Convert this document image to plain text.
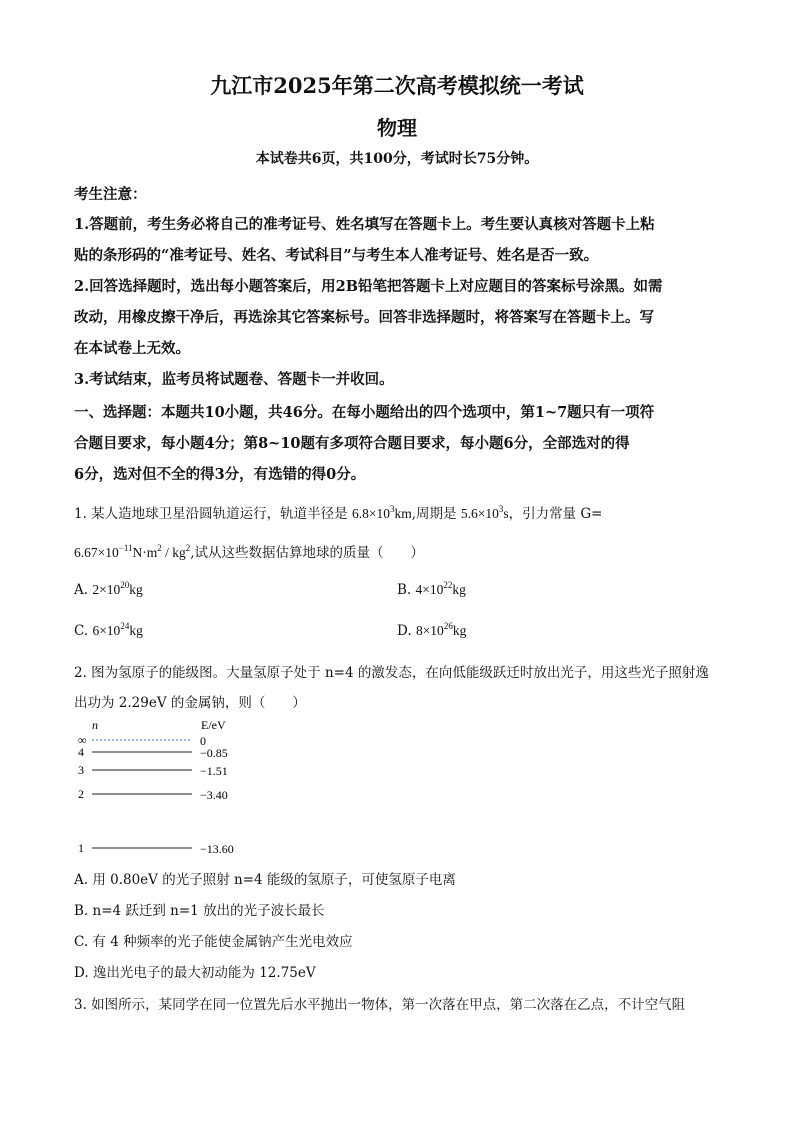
九江市2025年第二次高考模拟统一考试
物理
本试卷共6页，共100分，考试时长75分钟。
考生注意：
1.答题前，考生务必将自己的准考证号、姓名填写在答题卡上。考生要认真核对答题卡上粘
贴的条形码的“准考证号、姓名、考试科目”与考生本人准考证号、姓名是否一致。
2.回答选择题时，选出每小题答案后，用2B铅笔把答题卡上对应题目的答案标号涂黑。如需
改动，用橡皮擦干净后，再选涂其它答案标号。回答非选择题时，将答案写在答题卡上。写
在本试卷上无效。
3.考试结束，监考员将试题卷、答题卡一并收回。
一、选择题：本题共10小题，共46分。在每小题给出的四个选项中，第1~7题只有一项符
合题目要求，每小题4分；第8~10题有多项符合题目要求，每小题6分，全部选对的得
6分，选对但不全的得3分，有选错的得0分。
1. 某人造地球卫星沿圆轨道运行，轨道半径是 $6.8\times 10^3km$,周期是 $5.6\times 10^3s$，引力常量 G=
$6.67\times 10^{-11}N\cdot m^2 / kg^2$,试从这些数据估算地球的质量（　　）
A. $2\times 10^{20}kg$	B. $4\times 10^{22}kg$
C. $6\times 10^{24}kg$	D. $8\times 10^{26}kg$
2. 图为氢原子的能级图。大量氢原子处于 n=4 的激发态，在向低能级跃迁时放出光子，用这些光子照射逸
出功为 2.29eV 的金属钠，则（　　）
n	E/eV
∞	0
4	−0.85
3	−1.51
2	−3.40
1	−13.60
A. 用 0.80eV 的光子照射 n=4 能级的氢原子，可使氢原子电离
B. n=4 跃迁到 n=1 放出的光子波长最长
C. 有 4 种频率的光子能使金属钠产生光电效应
D. 逸出光电子的最大初动能为 12.75eV
3. 如图所示，某同学在同一位置先后水平抛出一物体，第一次落在甲点，第二次落在乙点，不计空气阻
